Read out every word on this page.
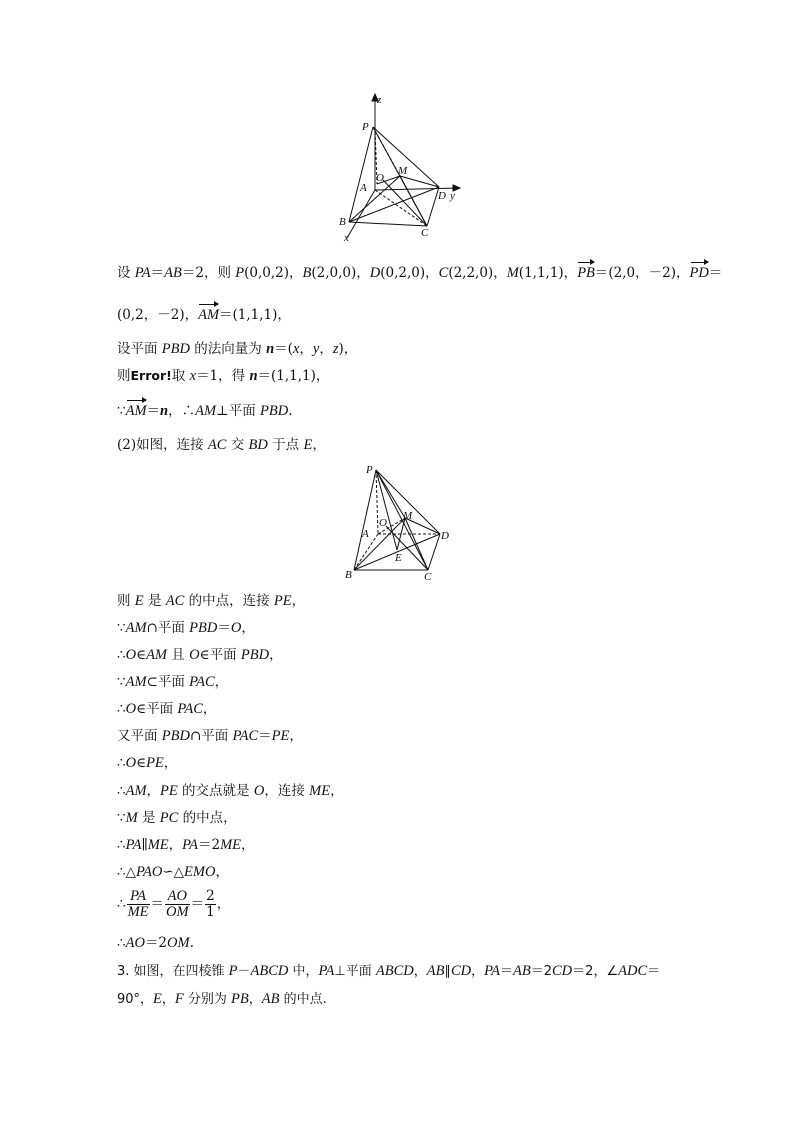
z
P
M
O
A
D y
B
C
x
设 PA＝AB＝2，则 P(0,0,2)，B(2,0,0)，D(0,2,0)，C(2,2,0)，M(1,1,1)，PB＝(2,0，－2)，PD＝
(0,2，－2)，AM＝(1,1,1)，
设平面 PBD 的法向量为 n＝(x，y，z)，
则Error!取 x＝1，得 n＝(1,1,1)，
∵AM＝n，∴AM⊥平面 PBD.
(2)如图，连接 AC 交 BD 于点 E，
P
M
O
A	D
E
B	C
则 E 是 AC 的中点，连接 PE，
∵AM∩平面 PBD＝O，
∴O∈AM 且 O∈平面 PBD，
∵AM⊂平面 PAC，
∴O∈平面 PAC，
又平面 PBD∩平面 PAC＝PE，
∴O∈PE，
∴AM，PE 的交点就是 O，连接 ME，
∵M 是 PC 的中点，
∴PA∥ME，PA＝2ME，
∴△PAO∽△EMO，
∴ $\frac{PA}{ME} = \frac{AO}{OM} = \frac{2}{1}$ ，
∴AO＝2OM.
3. 如图，在四棱锥 P－ABCD 中，PA⊥平面 ABCD，AB∥CD，PA＝AB＝2CD＝2，∠ADC＝
90°，E，F 分别为 PB，AB 的中点.
